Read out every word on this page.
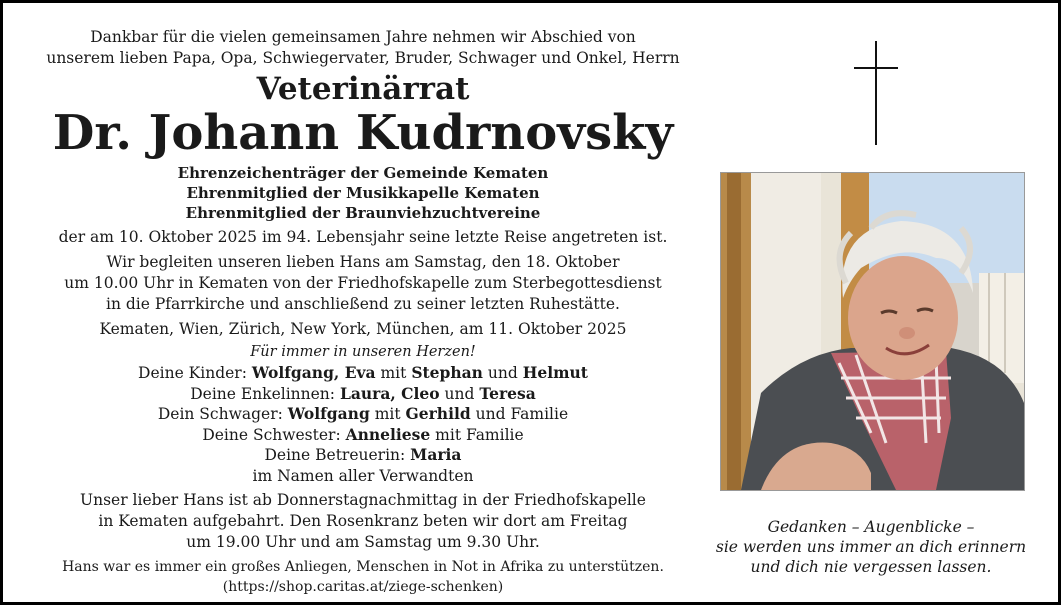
Dankbar für die vielen gemeinsamen Jahre nehmen wir Abschied von
unserem lieben Papa, Opa, Schwiegervater, Bruder, Schwager und Onkel, Herrn
Veterinärrat
Dr. Johann Kudrnovsky
Ehrenzeichenträger der Gemeinde Kematen
Ehrenmitglied der Musikkapelle Kematen
Ehrenmitglied der Braunviehzuchtvereine
der am 10. Oktober 2025 im 94. Lebensjahr seine letzte Reise angetreten ist.
Wir begleiten unseren lieben Hans am Samstag, den 18. Oktober
um 10.00 Uhr in Kematen von der Friedhofskapelle zum Sterbegottesdienst
in die Pfarrkirche und anschließend zu seiner letzten Ruhestätte.
Kematen, Wien, Zürich, New York, München, am 11. Oktober 2025
Für immer in unseren Herzen!
Deine Kinder: Wolfgang, Eva mit Stephan und Helmut
Deine Enkelinnen: Laura, Cleo und Teresa
Dein Schwager: Wolfgang mit Gerhild und Familie
Deine Schwester: Anneliese mit Familie
Deine Betreuerin: Maria
im Namen aller Verwandten
Unser lieber Hans ist ab Donnerstagnachmittag in der Friedhofskapelle
in Kematen aufgebahrt. Den Rosenkranz beten wir dort am Freitag
um 19.00 Uhr und am Samstag um 9.30 Uhr.
Hans war es immer ein großes Anliegen, Menschen in Not in Afrika zu unterstützen.
(https://shop.caritas.at/ziege-schenken)
Gedanken – Augenblicke –
sie werden uns immer an dich erinnern
und dich nie vergessen lassen.
